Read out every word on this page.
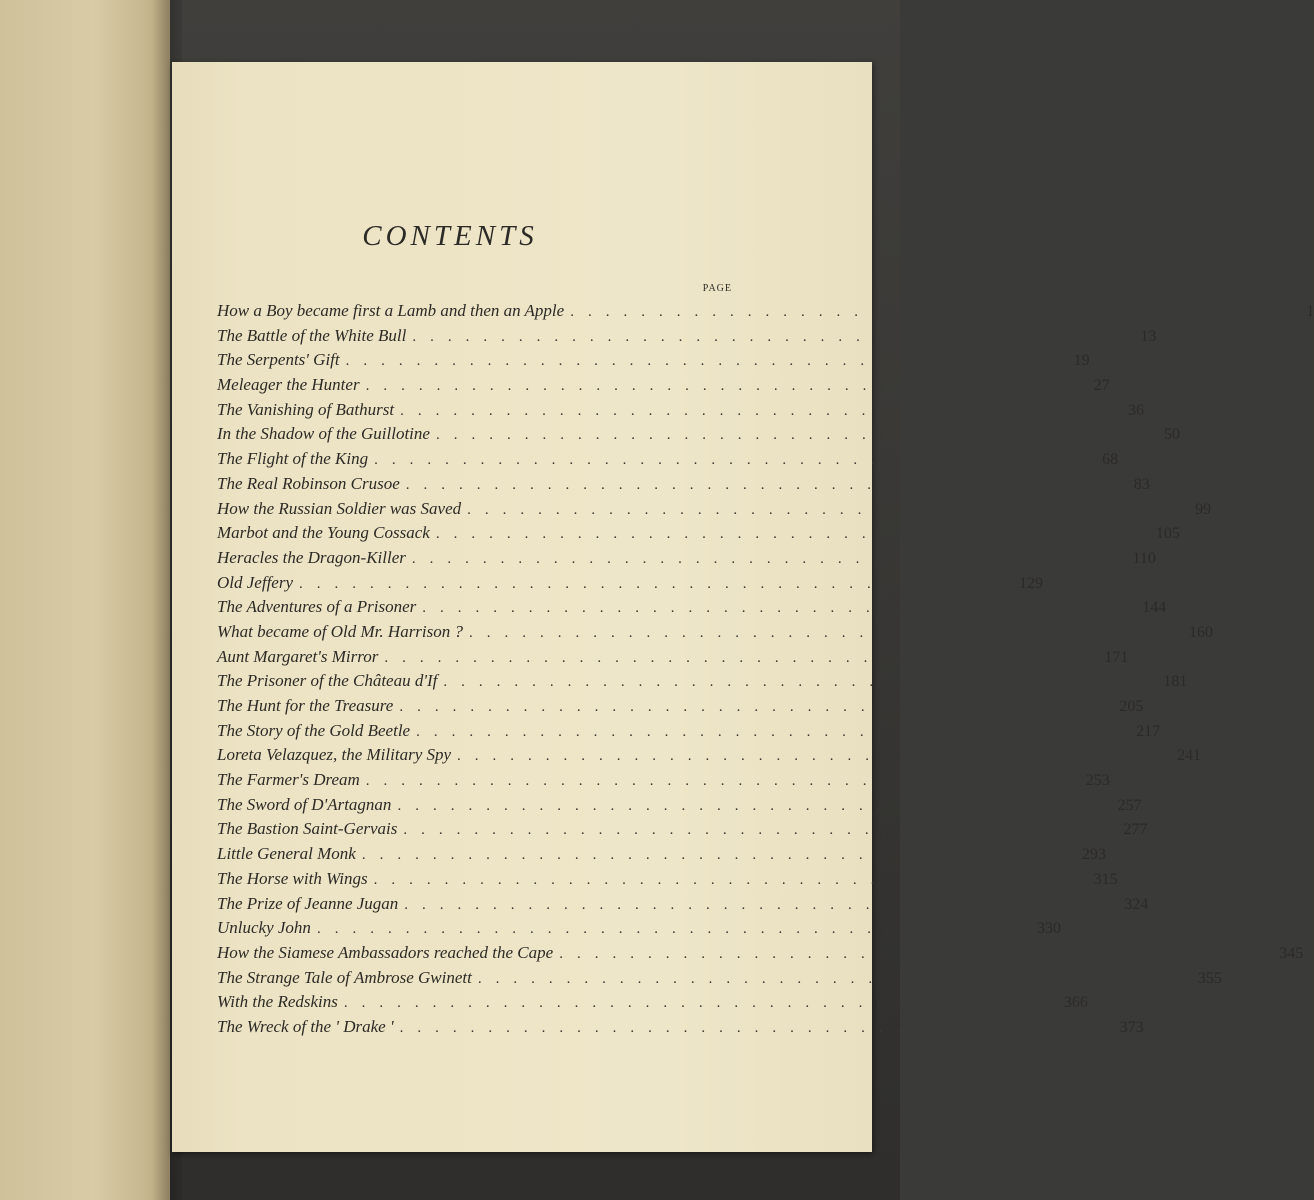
CONTENTS
PAGE
How a Boy became first a Lamb and then an Apple ........................................	1
The Battle of the White Bull ........................................	13
The Serpents' Gift ........................................	19
Meleager the Hunter ........................................	27
The Vanishing of Bathurst ........................................	36
In the Shadow of the Guillotine ........................................	50
The Flight of the King ........................................	68
The Real Robinson Crusoe ........................................	83
How the Russian Soldier was Saved ........................................	99
Marbot and the Young Cossack ........................................ 105
Heracles the Dragon-Killer ........................................ 110
Old Jeffery ........................................ 129
The Adventures of a Prisoner ........................................ 144
What became of Old Mr. Harrison ? ........................................ 160
Aunt Margaret's Mirror ........................................ 171
The Prisoner of the Château d'If ........................................ 181
The Hunt for the Treasure ........................................ 205
The Story of the Gold Beetle ........................................ 217
Loreta Velazquez, the Military Spy ........................................ 241
The Farmer's Dream ........................................ 253
The Sword of D'Artagnan ........................................ 257
The Bastion Saint-Gervais ........................................ 277
Little General Monk ........................................ 293
The Horse with Wings ........................................ 315
The Prize of Jeanne Jugan ........................................ 324
Unlucky John ........................................ 330
How the Siamese Ambassadors reached the Cape ........................................ 345
The Strange Tale of Ambrose Gwinett ........................................ 355
With the Redskins ........................................ 366
The Wreck of the ' Drake ' ........................................ 373
